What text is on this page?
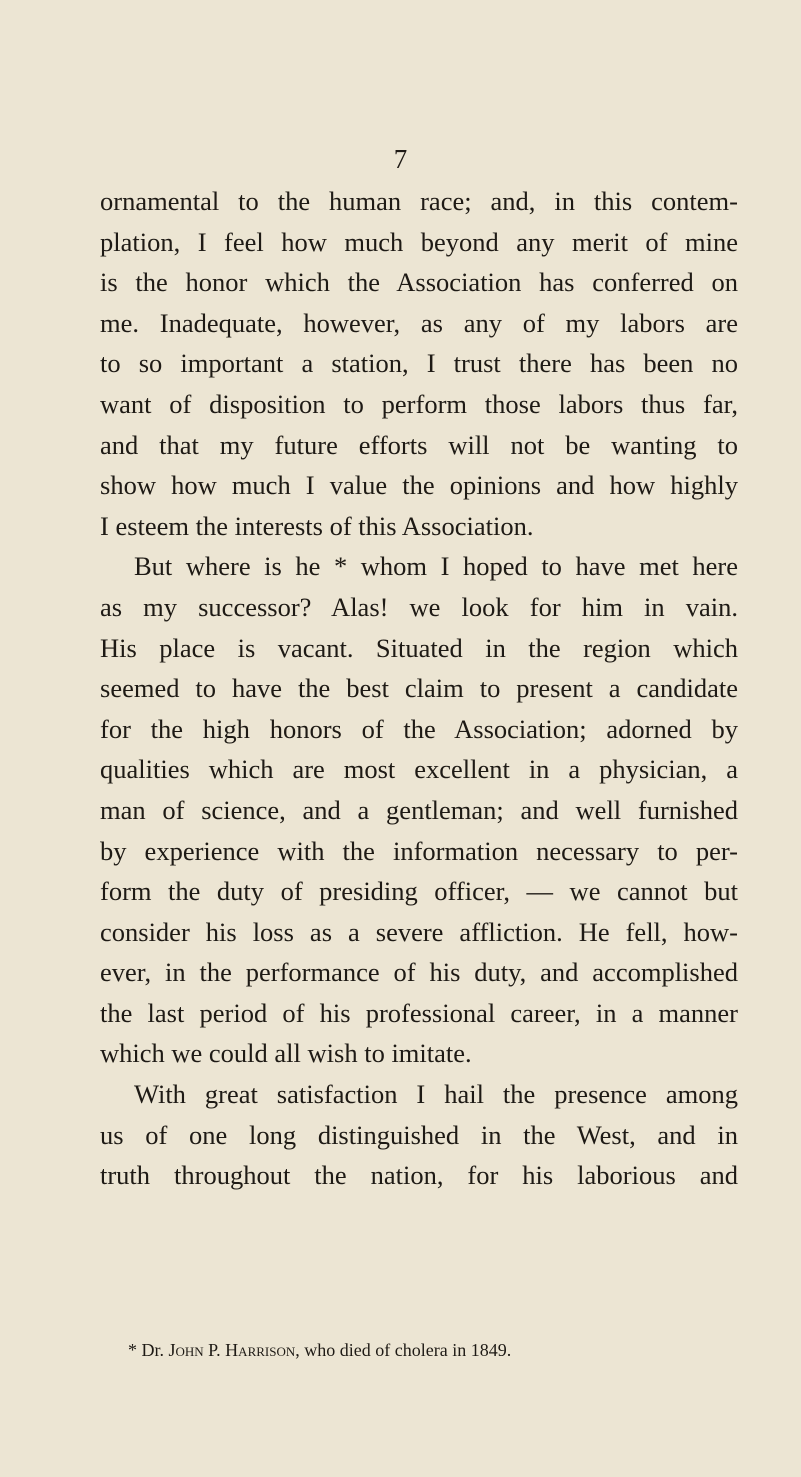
7
ornamental to the human race; and, in this contem-
plation, I feel how much beyond any merit of mine
is the honor which the Association has conferred on
me. Inadequate, however, as any of my labors are
to so important a station, I trust there has been no
want of disposition to perform those labors thus far,
and that my future efforts will not be wanting to
show how much I value the opinions and how highly
I esteem the interests of this Association.
But where is he * whom I hoped to have met here
as my successor? Alas! we look for him in vain.
His place is vacant. Situated in the region which
seemed to have the best claim to present a candidate
for the high honors of the Association; adorned by
qualities which are most excellent in a physician, a
man of science, and a gentleman; and well furnished
by experience with the information necessary to per-
form the duty of presiding officer, — we cannot but
consider his loss as a severe affliction. He fell, how-
ever, in the performance of his duty, and accomplished
the last period of his professional career, in a manner
which we could all wish to imitate.
With great satisfaction I hail the presence among
us of one long distinguished in the West, and in
truth throughout the nation, for his laborious and
* Dr. John P. Harrison, who died of cholera in 1849.
